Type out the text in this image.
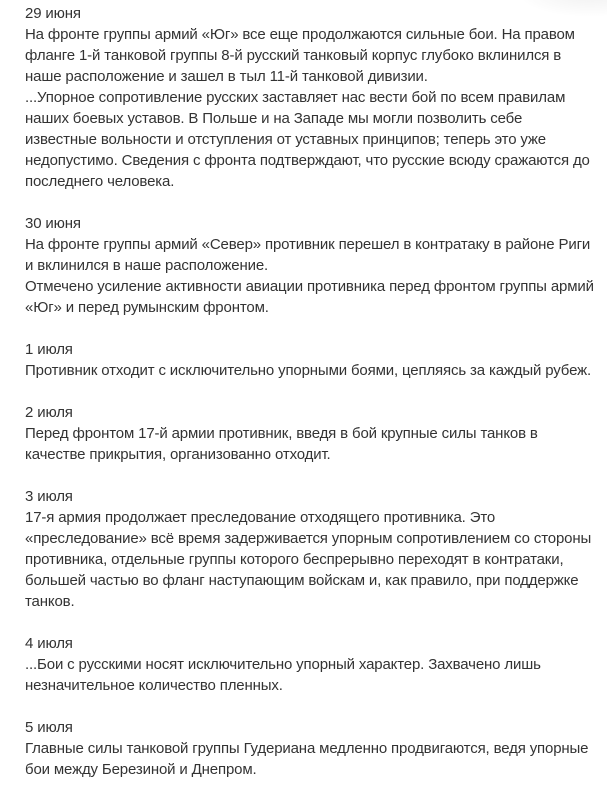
29 июня

На фронте группы армий «Юг» все еще продолжаются сильные бои. На правом фланге 1-й танковой группы 8-й русский танковый корпус глубоко вклинился в наше расположение и зашел в тыл 11-й танковой дивизии.

...Упорное сопротивление русских заставляет нас вести бой по всем правилам наших боевых уставов. В Польше и на Западе мы могли позволить себе известные вольности и отступления от уставных принципов; теперь это уже недопустимо. Сведения с фронта подтверждают, что русские всюду сражаются до последнего человека.

30 июня

На фронте группы армий «Север» противник перешел в контратаку в районе Риги и вклинился в наше расположение.

Отмечено усиление активности авиации противника перед фронтом группы армий «Юг» и перед румынским фронтом.

1 июля

Противник отходит с исключительно упорными боями, цепляясь за каждый рубеж.

2 июля

Перед фронтом 17-й армии противник, введя в бой крупные силы танков в качестве прикрытия, организованно отходит.

3 июля

17-я армия продолжает преследование отходящего противника. Это «преследование» всё время задерживается упорным сопротивлением со стороны противника, отдельные группы которого беспрерывно переходят в контратаки, большей частью во фланг наступающим войскам и, как правило, при поддержке танков.

4 июля

...Бои с русскими носят исключительно упорный характер. Захвачено лишь незначительное количество пленных.

5 июля

Главные силы танковой группы Гудериана медленно продвигаются, ведя упорные бои между Березиной и Днепром.
